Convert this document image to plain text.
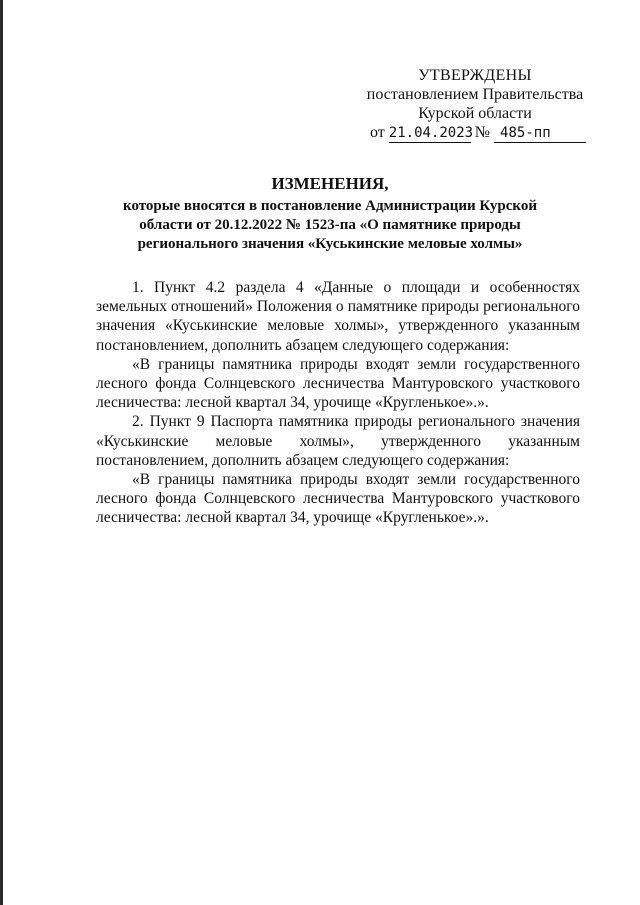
УТВЕРЖДЕНЫ
постановлением Правительства
Курской области
от 21.04.2023 № 485-пп
ИЗМЕНЕНИЯ,
которые вносятся в постановление Администрации Курской
области от 20.12.2022 № 1523-па «О памятнике природы
регионального значения «Куськинские меловые холмы»

1. Пункт 4.2 раздела 4 «Данные о площади и особенностях земельных отношений» Положения о памятнике природы регионального значения «Куськинские меловые холмы», утвержденного указанным постановлением, дополнить абзацем следующего содержания:

«В границы памятника природы входят земли государственного лесного фонда Солнцевского лесничества Мантуровского участкового лесничества: лесной квартал 34, урочище «Кругленькое».».

2. Пункт 9 Паспорта памятника природы регионального значения «Куськинские меловые холмы», утвержденного указанным постановлением, дополнить абзацем следующего содержания:

«В границы памятника природы входят земли государственного лесного фонда Солнцевского лесничества Мантуровского участкового лесничества: лесной квартал 34, урочище «Кругленькое».».
